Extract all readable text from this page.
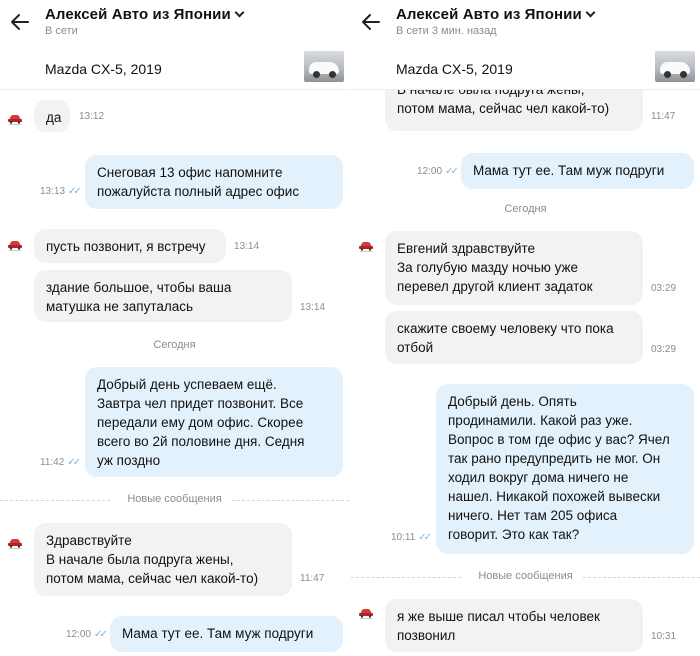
Алексей Авто из Японии
В сети
Mazda CX-5, 2019
да	13:12
13:13 ✓✓
Снеговая 13 офис напомните
пожалуйста полный адрес офис
пусть позвонит, я встречу	13:14
здание большое, чтобы ваша
матушка не запуталась	13:14
Сегодня
11:42 ✓✓
Добрый день успеваем ещё.
Завтра чел придет позвонит. Все
передали ему дом офис. Скорее
всего во 2й половине дня. Седня
уж поздно
Новые сообщения
Здравствуйте
В начале была подруга жены,
потом мама, сейчас чел какой-то)	11:47
12:00 ✓✓	Мама тут ее. Там муж подруги
Алексей Авто из Японии
В сети 3 мин. назад
Mazda CX-5, 2019
потом мама, сейчас чел какой-то)
11:47
12:00 ✓✓	Мама тут ее. Там муж подруги
Сегодня
Евгений здравствуйте
За голубую мазду ночью уже
перевел другой клиент задаток	03:29
скажите своему человеку что пока
отбой	03:29
10:11 ✓✓
Добрый день. Опять
продинамили. Какой раз уже.
Вопрос в том где офис у вас? Ячел
так рано предупредить не мог. Он
ходил вокруг дома ничего не
нашел. Никакой похожей вывески
ничего. Нет там 205 офиса
говорит. Это как так?
Новые сообщения
я же выше писал чтобы человек
позвонил	10:31
